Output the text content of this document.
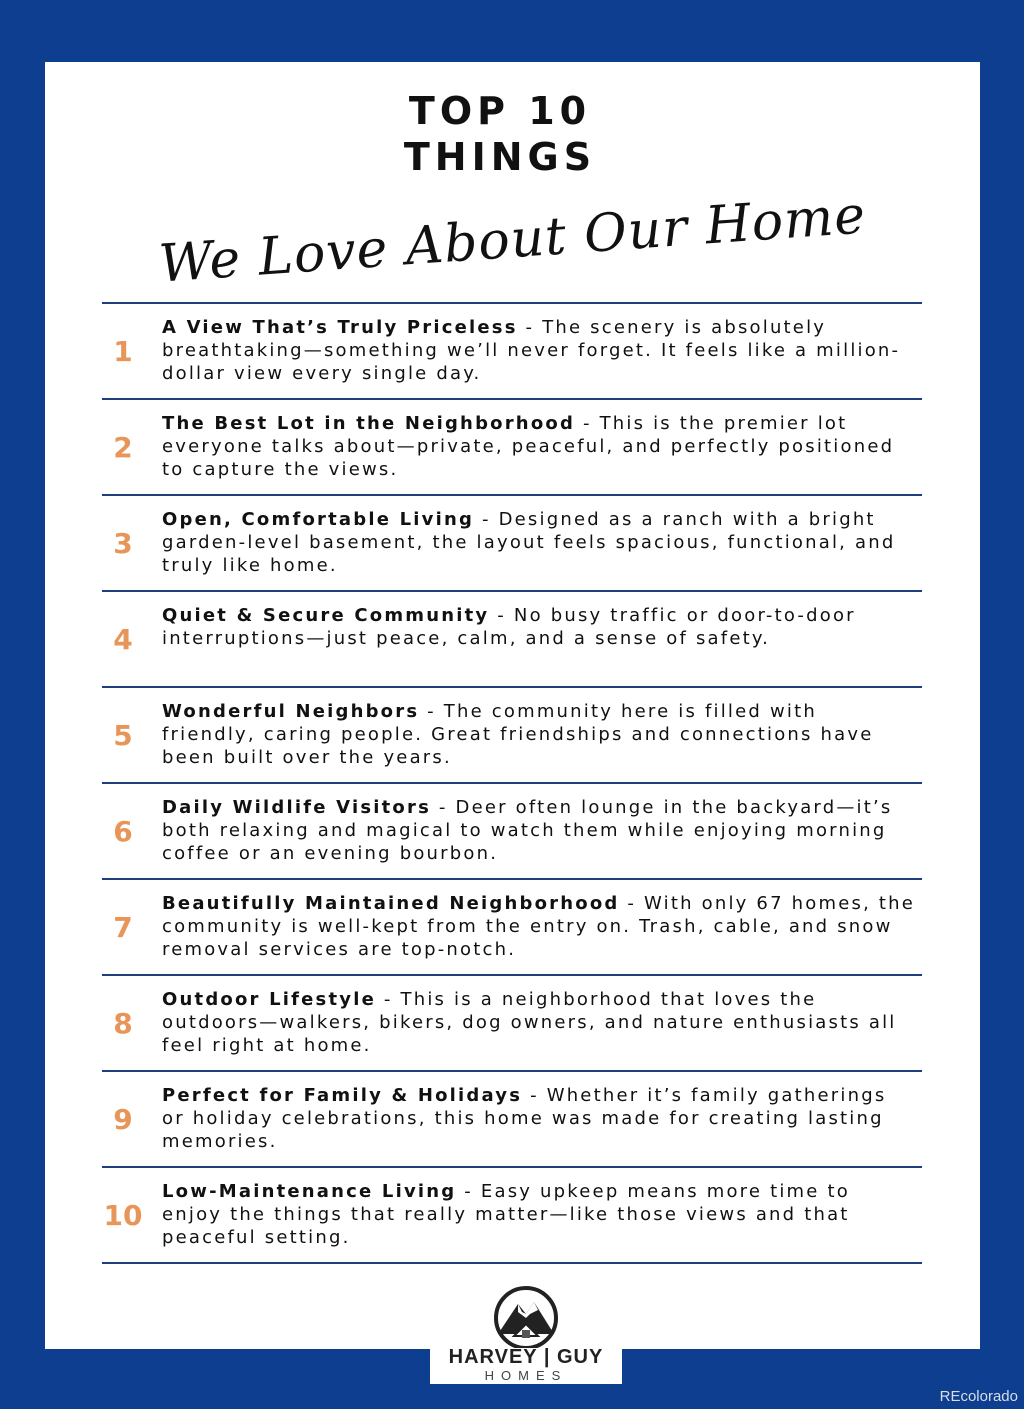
TOP 10
THINGS
We Love About Our Home
1
A View That’s Truly Priceless - The scenery is absolutely breathtaking—something we’ll never forget. It feels like a million-dollar view every single day.
2
The Best Lot in the Neighborhood - This is the premier lot everyone talks about—private, peaceful, and perfectly positioned to capture the views.
3
Open, Comfortable Living - Designed as a ranch with a bright garden-level basement, the layout feels spacious, functional, and truly like home.
4
Quiet & Secure Community - No busy traffic or door-to-door interruptions—just peace, calm, and a sense of safety.
5
Wonderful Neighbors - The community here is filled with friendly, caring people. Great friendships and connections have been built over the years.
6
Daily Wildlife Visitors - Deer often lounge in the backyard—it’s both relaxing and magical to watch them while enjoying morning coffee or an evening bourbon.
7
Beautifully Maintained Neighborhood - With only 67 homes, the community is well-kept from the entry on. Trash, cable, and snow removal services are top-notch.
8
Outdoor Lifestyle - This is a neighborhood that loves the outdoors—walkers, bikers, dog owners, and nature enthusiasts all feel right at home.
9
Perfect for Family & Holidays - Whether it’s family gatherings or holiday celebrations, this home was made for creating lasting memories.
10
Low-Maintenance Living - Easy upkeep means more time to enjoy the things that really matter—like those views and that peaceful setting.
HARVEY | GUY
HOMES
REcolorado
